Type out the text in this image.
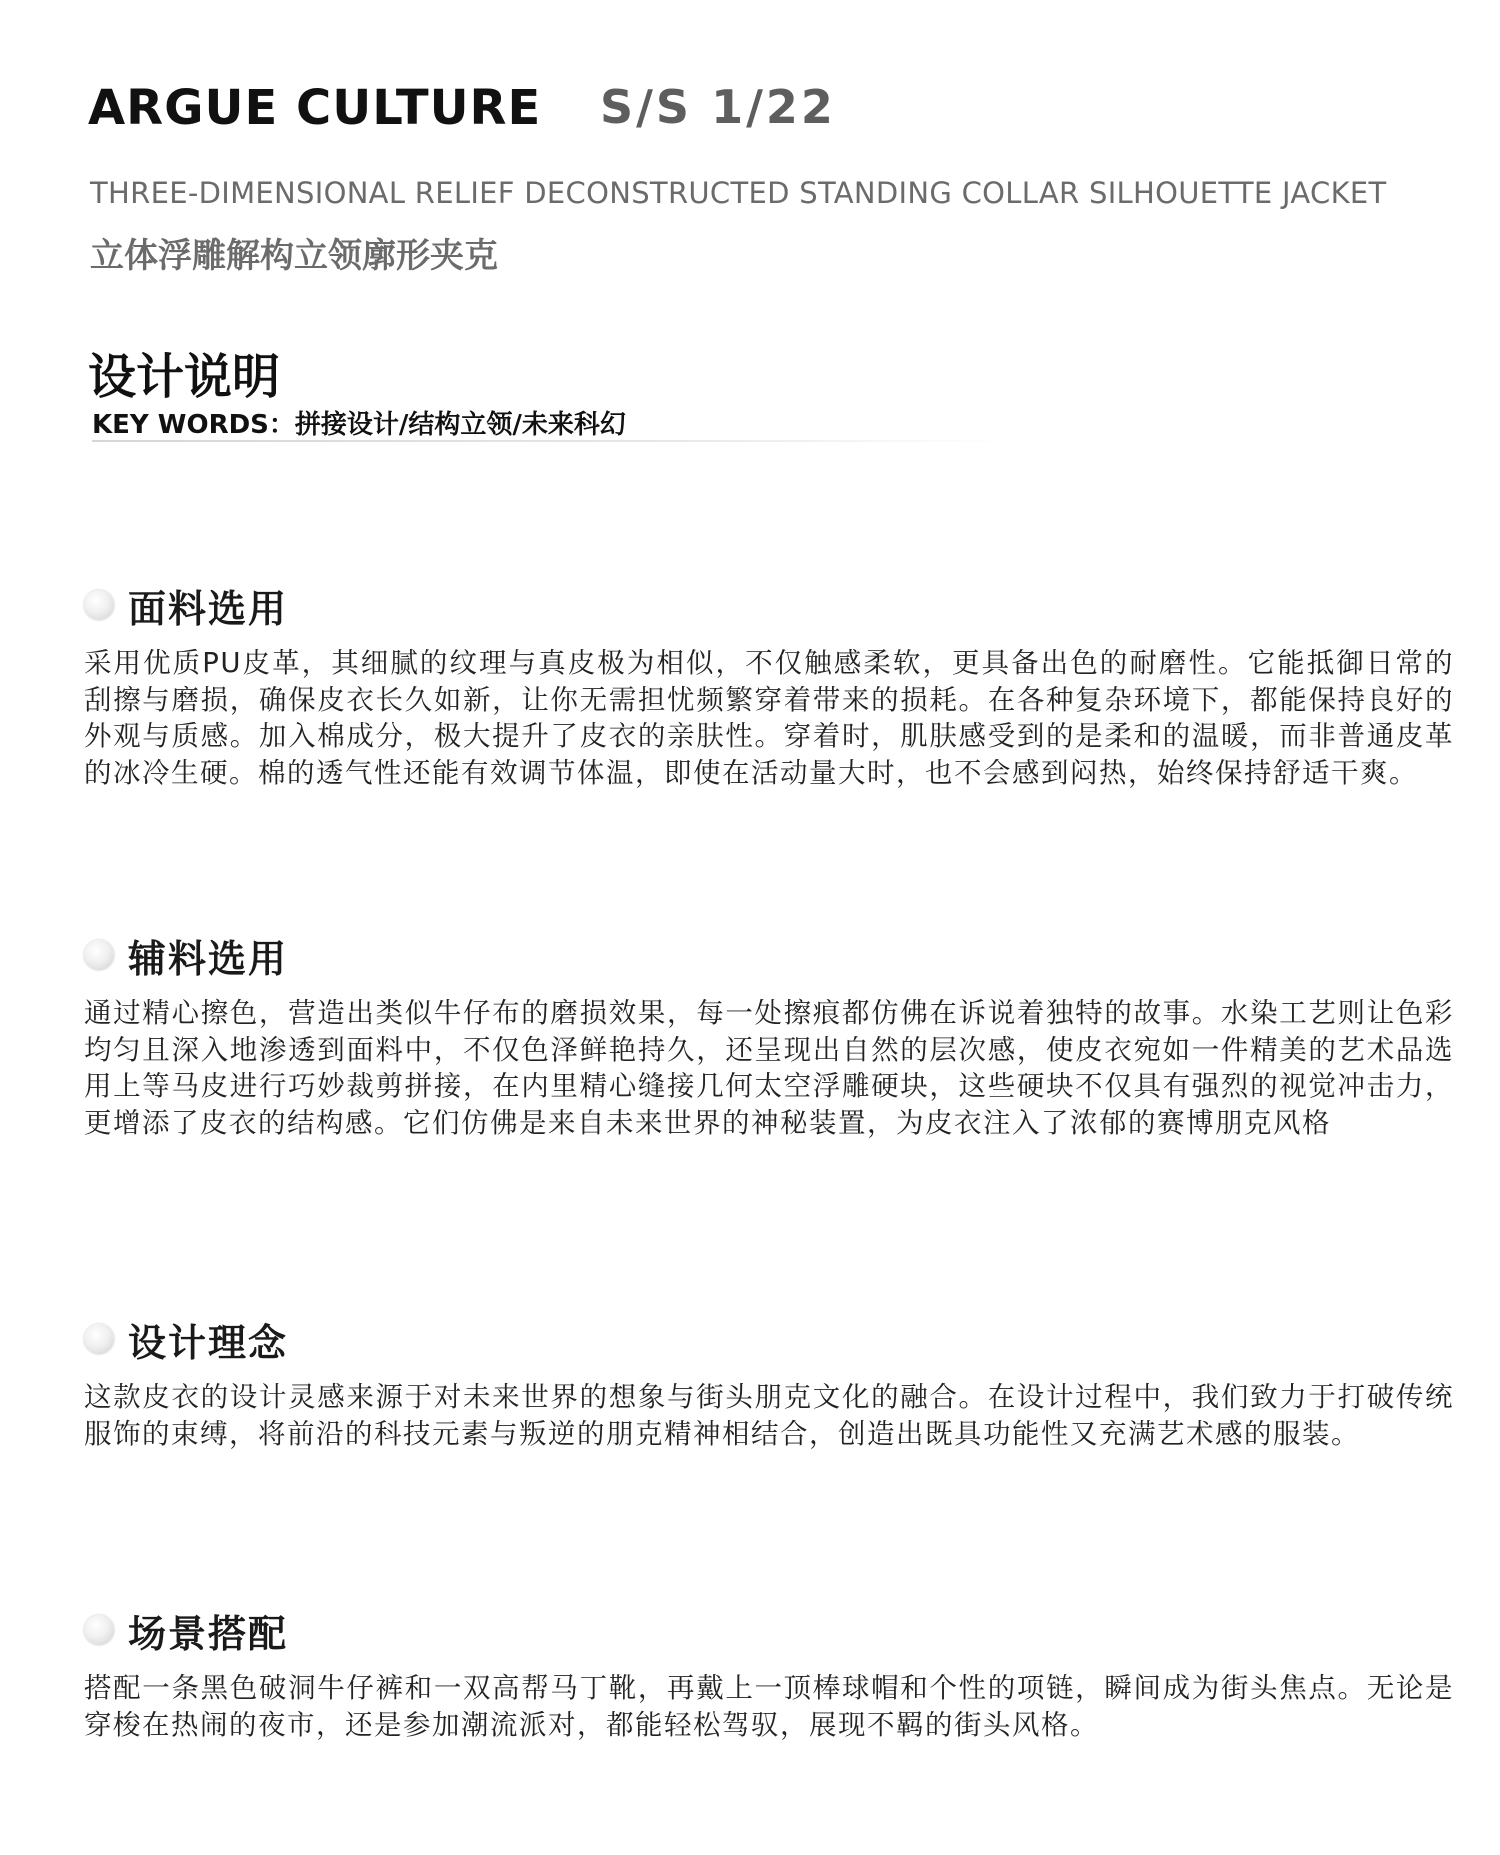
ARGUE CULTURE S/S 1/22
THREE-DIMENSIONAL RELIEF DECONSTRUCTED STANDING COLLAR SILHOUETTE JACKET
立体浮雕解构立领廓形夹克
设计说明
KEY WORDS：拼接设计/结构立领/未来科幻
面料选用
采用优质PU皮革，其细腻的纹理与真皮极为相似，不仅触感柔软，更具备出色的耐磨性。它能抵御日常的刮擦与磨损，确保皮衣长久如新，让你无需担忧频繁穿着带来的损耗。在各种复杂环境下，都能保持良好的外观与质感。加入棉成分，极大提升了皮衣的亲肤性。穿着时，肌肤感受到的是柔和的温暖，而非普通皮革的冰冷生硬。棉的透气性还能有效调节体温，即使在活动量大时，也不会感到闷热，始终保持舒适干爽。
辅料选用
通过精心擦色，营造出类似牛仔布的磨损效果，每一处擦痕都仿佛在诉说着独特的故事。水染工艺则让色彩均匀且深入地渗透到面料中，不仅色泽鲜艳持久，还呈现出自然的层次感，使皮衣宛如一件精美的艺术品选用上等马皮进行巧妙裁剪拼接，在内里精心缝接几何太空浮雕硬块，这些硬块不仅具有强烈的视觉冲击力，更增添了皮衣的结构感。它们仿佛是来自未来世界的神秘装置，为皮衣注入了浓郁的赛博朋克风格
设计理念
这款皮衣的设计灵感来源于对未来世界的想象与街头朋克文化的融合。在设计过程中，我们致力于打破传统服饰的束缚，将前沿的科技元素与叛逆的朋克精神相结合，创造出既具功能性又充满艺术感的服装。
场景搭配
搭配一条黑色破洞牛仔裤和一双高帮马丁靴，再戴上一顶棒球帽和个性的项链，瞬间成为街头焦点。无论是穿梭在热闹的夜市，还是参加潮流派对，都能轻松驾驭，展现不羁的街头风格。
